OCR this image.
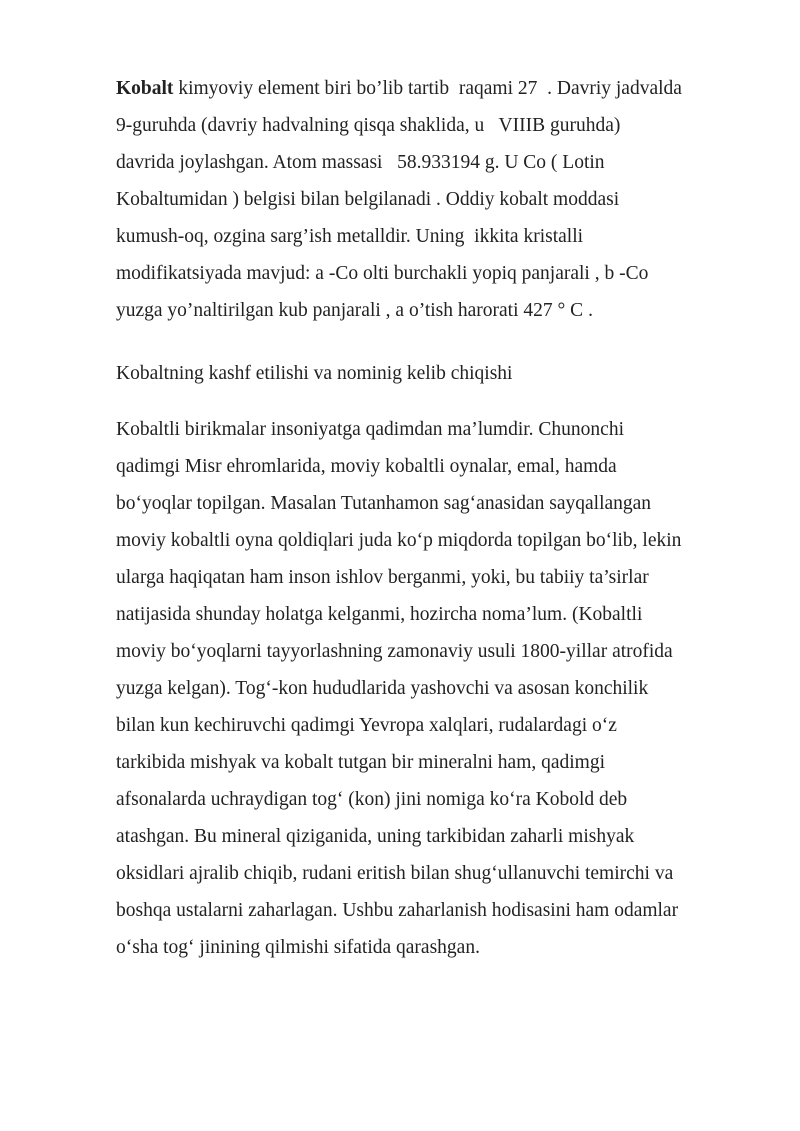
Kobalt kimyoviy element biri bo’lib tartib  raqami 27  . Davriy jadvalda
9-guruhda (davriy hadvalning qisqa shaklida, u   VIIIB guruhda)
davrida joylashgan. Atom massasi   58.933194 g. U Co ( Lotin
Kobaltumidan ) belgisi bilan belgilanadi . Oddiy kobalt moddasi
kumush-oq, ozgina sarg’ish metalldir. Uning  ikkita kristalli
modifikatsiyada mavjud: a -Co olti burchakli yopiq panjarali , b -Co
yuzga yo’naltirilgan kub panjarali , a o’tish harorati 427 ° C .
Kobaltning kashf etilishi va nominig kelib chiqishi
Kobaltli birikmalar insoniyatga qadimdan ma’lumdir. Chunonchi
qadimgi Misr ehromlarida, moviy kobaltli oynalar, emal, hamda
bo‘yoqlar topilgan. Masalan Tutanhamon sag‘anasidan sayqallangan
moviy kobaltli oyna qoldiqlari juda ko‘p miqdorda topilgan bo‘lib, lekin
ularga haqiqatan ham inson ishlov berganmi, yoki, bu tabiiy ta’sirlar
natijasida shunday holatga kelganmi, hozircha noma’lum. (Kobaltli
moviy bo‘yoqlarni tayyorlashning zamonaviy usuli 1800-yillar atrofida
yuzga kelgan). Tog‘-kon hududlarida yashovchi va asosan konchilik
bilan kun kechiruvchi qadimgi Yevropa xalqlari, rudalardagi o‘z
tarkibida mishyak va kobalt tutgan bir mineralni ham, qadimgi
afsonalarda uchraydigan tog‘ (kon) jini nomiga ko‘ra Kobold deb
atashgan. Bu mineral qiziganida, uning tarkibidan zaharli mishyak
oksidlari ajralib chiqib, rudani eritish bilan shug‘ullanuvchi temirchi va
boshqa ustalarni zaharlagan. Ushbu zaharlanish hodisasini ham odamlar
o‘sha tog‘ jinining qilmishi sifatida qarashgan.
